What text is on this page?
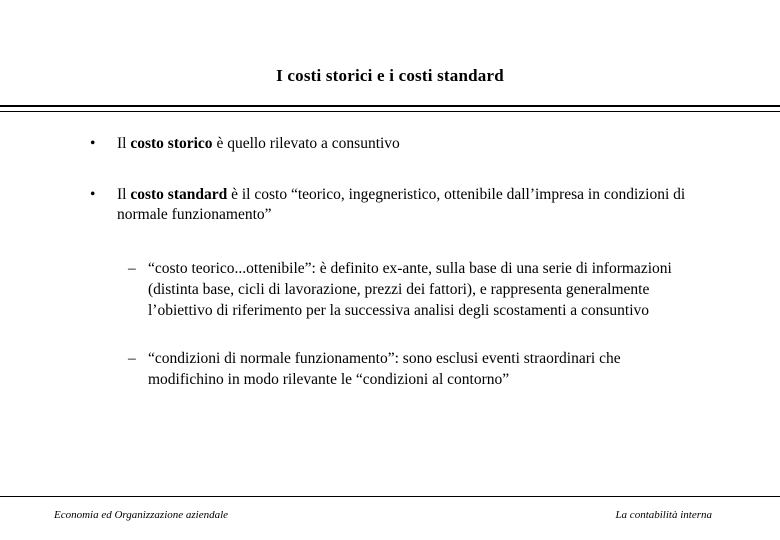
I costi storici e i costi standard
•	Il costo storico è quello rilevato a consuntivo
•	Il costo standard è il costo “teorico, ingegneristico, ottenibile dall’impresa in condizioni di normale funzionamento”
– “costo teorico...ottenibile”: è definito ex-ante, sulla base di una serie di informazioni (distinta base, cicli di lavorazione, prezzi dei fattori), e rappresenta generalmente l’obiettivo di riferimento per la successiva analisi degli scostamenti a consuntivo
– “condizioni di normale funzionamento”: sono esclusi eventi straordinari che modifichino in modo rilevante le “condizioni al contorno”
Economia ed Organizzazione aziendale	La contabilità interna
